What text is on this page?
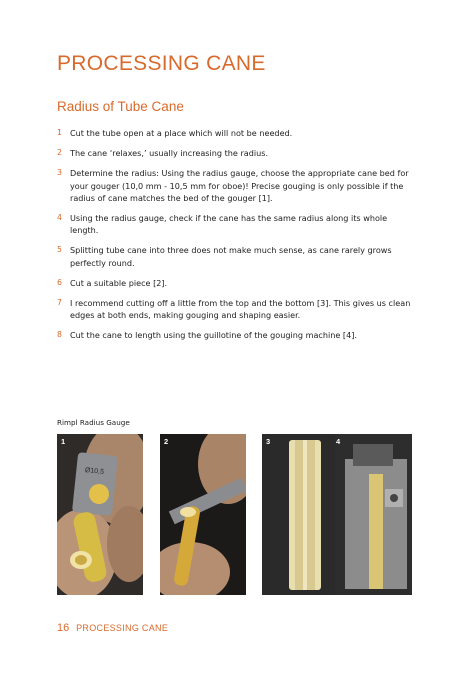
PROCESSING CANE
Radius of Tube Cane
1 Cut the tube open at a place which will not be needed.
2 The cane ‘relaxes,’ usually increasing the radius.
3 Determine the radius: Using the radius gauge, choose the appropriate cane bed for your gouger (10,0 mm - 10,5 mm for oboe)! Precise gouging is only possible if the radius of cane matches the bed of the gouger [1].
4 Using the radius gauge, check if the cane has the same radius along its whole length.
5 Splitting tube cane into three does not make much sense, as cane rarely grows perfectly round.
6 Cut a suitable piece [2].
7 I recommend cutting off a little from the top and the bottom [3]. This gives us clean edges at both ends, making gouging and shaping easier.
8 Cut the cane to length using the guillotine of the gouging machine [4].
Rimpl Radius Gauge
Ø10,5
1	2	3	4
16 PROCESSING CANE
